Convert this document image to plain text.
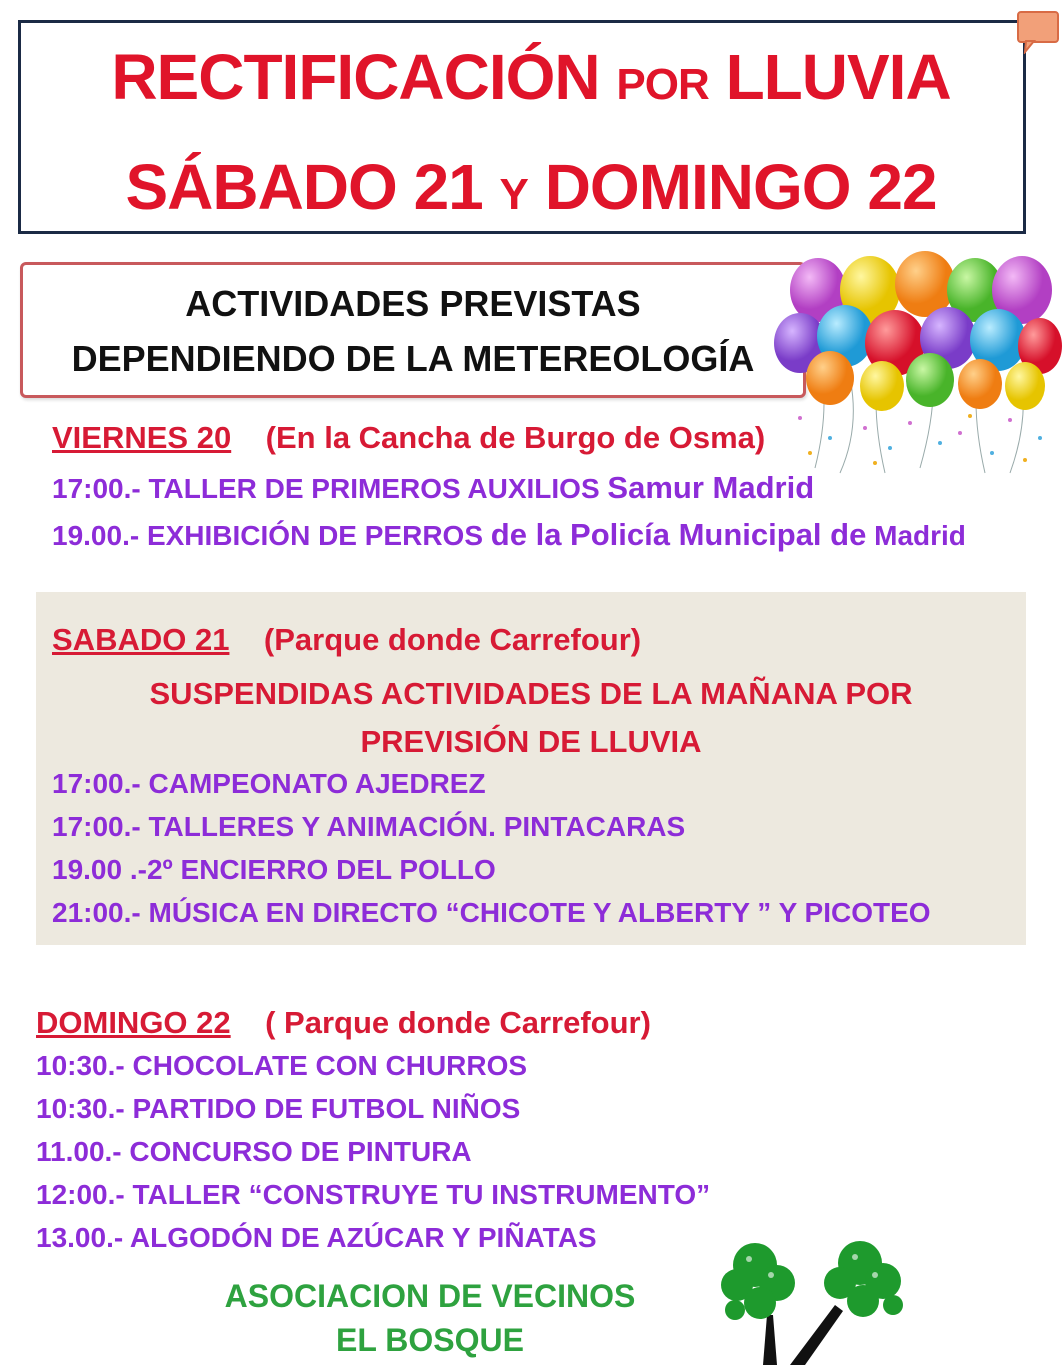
RECTIFICACIÓN POR LLUVIA
SÁBADO 21 Y DOMINGO 22
ACTIVIDADES PREVISTAS
DEPENDIENDO DE LA METEREOLOGÍA
VIERNES 20 (En la Cancha de Burgo de Osma)
17:00.- TALLER DE PRIMEROS AUXILIOS Samur Madrid
19.00.- EXHIBICIÓN DE PERROS de la Policía Municipal de Madrid
SABADO 21 (Parque donde Carrefour)
SUSPENDIDAS ACTIVIDADES DE LA MAÑANA POR
PREVISIÓN DE LLUVIA
17:00.- CAMPEONATO AJEDREZ
17:00.- TALLERES Y ANIMACIÓN. PINTACARAS
19.00 .-2º ENCIERRO DEL POLLO
21:00.- MÚSICA EN DIRECTO “CHICOTE Y ALBERTY ” Y PICOTEO
DOMINGO 22 ( Parque donde Carrefour)
10:30.- CHOCOLATE CON CHURROS
10:30.- PARTIDO DE FUTBOL NIÑOS
11.00.- CONCURSO DE PINTURA
12:00.- TALLER “CONSTRUYE TU INSTRUMENTO”
13.00.- ALGODÓN DE AZÚCAR Y PIÑATAS
ASOCIACION DE VECINOS
EL BOSQUE
